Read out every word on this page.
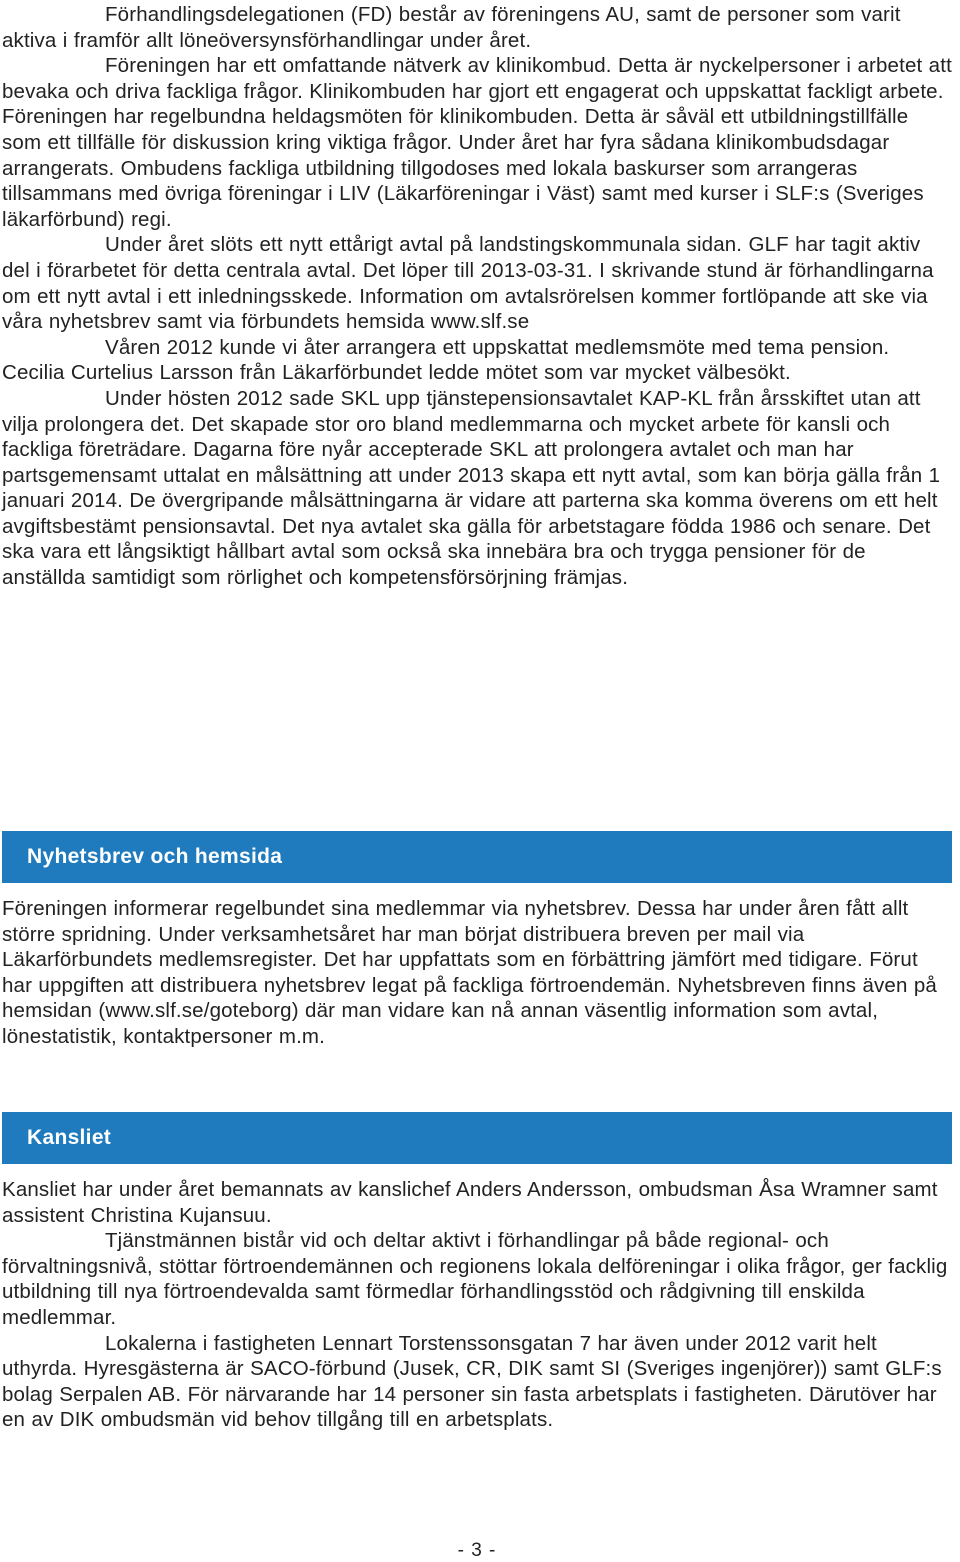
Förhandlingsdelegationen (FD) består av föreningens AU, samt de personer som varit aktiva i framför allt löneöversynsförhandlingar under året.

Föreningen har ett omfattande nätverk av klinikombud. Detta är nyckelpersoner i arbetet att bevaka och driva fackliga frågor. Klinikombuden har gjort ett engagerat och uppskattat fackligt arbete. Föreningen har regelbundna heldagsmöten för klinikombuden. Detta är såväl ett utbildningstillfälle som ett tillfälle för diskussion kring viktiga frågor. Under året har fyra sådana klinikombudsdagar arrangerats. Ombudens fackliga utbildning tillgodoses med lokala baskurser som arrangeras tillsammans med övriga föreningar i LIV (Läkarföreningar i Väst) samt med kurser i SLF:s (Sveriges läkarförbund) regi.

Under året slöts ett nytt ettårigt avtal på landstingskommunala sidan. GLF har tagit aktiv del i förarbetet för detta centrala avtal. Det löper till 2013-03-31. I skrivande stund är förhandlingarna om ett nytt avtal i ett inledningsskede. Information om avtalsrörelsen kommer fortlöpande att ske via våra nyhetsbrev samt via förbundets hemsida www.slf.se

Våren 2012 kunde vi åter arrangera ett uppskattat medlemsmöte med tema pension. Cecilia Curtelius Larsson från Läkarförbundet ledde mötet som var mycket välbesökt.

Under hösten 2012 sade SKL upp tjänstepensionsavtalet KAP-KL från årsskiftet utan att vilja prolongera det. Det skapade stor oro bland medlemmarna och mycket arbete för kansli och fackliga företrädare. Dagarna före nyår accepterade SKL att prolongera avtalet och man har partsgemensamt uttalat en målsättning att under 2013 skapa ett nytt avtal, som kan börja gälla från 1 januari 2014. De övergripande målsättningarna är vidare att parterna ska komma överens om ett helt avgiftsbestämt pensionsavtal. Det nya avtalet ska gälla för arbetstagare födda 1986 och senare. Det ska vara ett långsiktigt hållbart avtal som också ska innebära bra och trygga pensioner för de anställda samtidigt som rörlighet och kompetensförsörjning främjas.

Nyhetsbrev och hemsida

Föreningen informerar regelbundet sina medlemmar via nyhetsbrev. Dessa har under åren fått allt större spridning. Under verksamhetsåret har man börjat distribuera breven per mail via Läkarförbundets medlemsregister. Det har uppfattats som en förbättring jämfört med tidigare. Förut har uppgiften att distribuera nyhetsbrev legat på fackliga förtroendemän. Nyhetsbreven finns även på hemsidan (www.slf.se/goteborg) där man vidare kan nå annan väsentlig information som avtal, lönestatistik, kontaktpersoner m.m.

Kansliet

Kansliet har under året bemannats av kanslichef Anders Andersson, ombudsman Åsa Wramner samt assistent Christina Kujansuu.

Tjänstmännen bistår vid och deltar aktivt i förhandlingar på både regional- och förvaltningsnivå, stöttar förtroendemännen och regionens lokala delföreningar i olika frågor, ger facklig utbildning till nya förtroendevalda samt förmedlar förhandlingsstöd och rådgivning till enskilda medlemmar.

Lokalerna i fastigheten Lennart Torstenssonsgatan 7 har även under 2012 varit helt uthyrda. Hyresgästerna är SACO-förbund (Jusek, CR, DIK samt SI (Sveriges ingenjörer)) samt GLF:s bolag Serpalen AB. För närvarande har 14 personer sin fasta arbetsplats i fastigheten. Därutöver har en av DIK ombudsmän vid behov tillgång till en arbetsplats.

- 3 -
